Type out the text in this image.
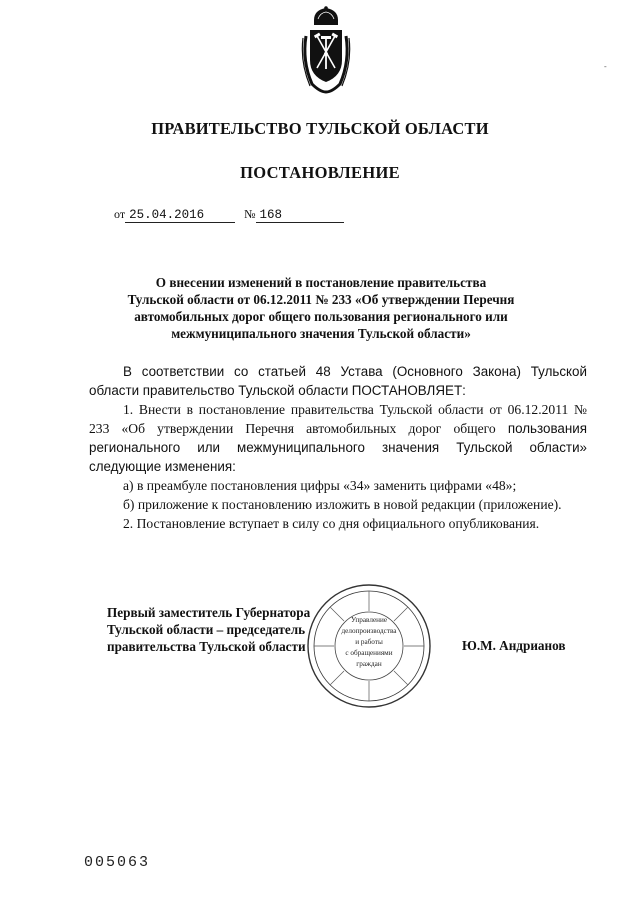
-
ПРАВИТЕЛЬСТВО ТУЛЬСКОЙ ОБЛАСТИ
ПОСТАНОВЛЕНИЕ
от 25.04.2016	№ 168
О внесении изменений в постановление правительства
Тульской области от 06.12.2011 № 233 «Об утверждении Перечня
автомобильных дорог общего пользования регионального или
межмуниципального значения Тульской области»

В соответствии со статьей 48 Устава (Основного Закона) Тульской области правительство Тульской области ПОСТАНОВЛЯЕТ:

1. Внести в постановление правительства Тульской области от 06.12.2011 № 233 «Об утверждении Перечня автомобильных дорог общего пользования регионального или межмуниципального значения Тульской области» следующие изменения:

а) в преамбуле постановления цифры «34» заменить цифрами «48»;

б) приложение к постановлению изложить в новой редакции (приложение).

2. Постановление вступает в силу со дня официального опубликования.

Первый заместитель Губернатора
Тульской области – председатель
правительства Тульской области	Ю.М. Андрианов
Управление
делопроизводства
и работы
с обращениями
граждан
005063
